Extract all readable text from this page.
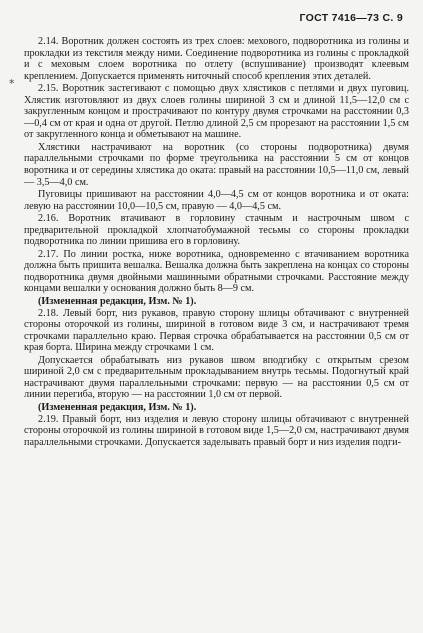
ГОСТ 7416—73 С. 9
*

2.14. Воротник должен состоять из трех слоев: мехового, подворотника из голины и прокладки из текстиля между ними. Соединение подворотника из голины с прокладкой и с меховым слоем воротника по отлету (вспушивание) производят клеевым креплением. Допускается применять ниточный способ крепления этих деталей.

2.15. Воротник застегивают с помощью двух хлястиков с петлями и двух пуговиц. Хлястик изготовляют из двух слоев голины шириной 3 см и длиной 11,5—12,0 см с закругленным концом и прострачивают по контуру двумя строчками на расстоянии 0,3—0,4 см от края и одна от другой. Петлю длиной 2,5 см прорезают на расстоянии 1,5 см от закругленного конца и обметывают на машине.

Хлястики настрачивают на воротник (со стороны подворотника) двумя параллельными строчками по форме треугольника на расстоянии 5 см от концов воротника и от середины хлястика до оката: правый на расстоянии 10,5—11,0 см, левый — 3,5—4,0 см.

Пуговицы пришивают на расстоянии 4,0—4,5 см от концов воротника и от оката: левую на расстоянии 10,0—10,5 см, правую — 4,0—4,5 см.

2.16. Воротник втачивают в горловину стачным и настрочным швом с предварительной прокладкой хлопчатобумажной тесьмы со стороны прокладки подворотника по линии пришива его в горловину.

2.17. По линии ростка, ниже воротника, одновременно с втачиванием воротника должна быть пришита вешалка. Вешалка должна быть закреплена на концах со стороны подворотника двумя двойными машинными обратными строчками. Расстояние между концами вешалки у основания должно быть 8—9 см.

(Измененная редакция, Изм. № 1).

2.18. Левый борт, низ рукавов, правую сторону шлицы обтачивают с внутренней стороны оторочкой из голины, шириной в готовом виде 3 см, и настрачивают тремя строчками параллельно краю. Первая строчка обрабатывается на расстоянии 0,5 см от края борта. Ширина между строчками 1 см.

Допускается обрабатывать низ рукавов швом вподгибку с открытым срезом шириной 2,0 см с предварительным прокладыванием внутрь тесьмы. Подогнутый край настрачивают двумя параллельными строчками: первую — на расстоянии 0,5 см от линии перегиба, вторую — на расстоянии 1,0 см от первой.

(Измененная редакция, Изм. № 1).

2.19. Правый борт, низ изделия и левую сторону шлицы обтачивают с внутренней стороны оторочкой из голины шириной в готовом виде 1,5—2,0 см, настрачивают двумя параллельными строчками. Допускается заделывать правый борт и низ изделия подги-
